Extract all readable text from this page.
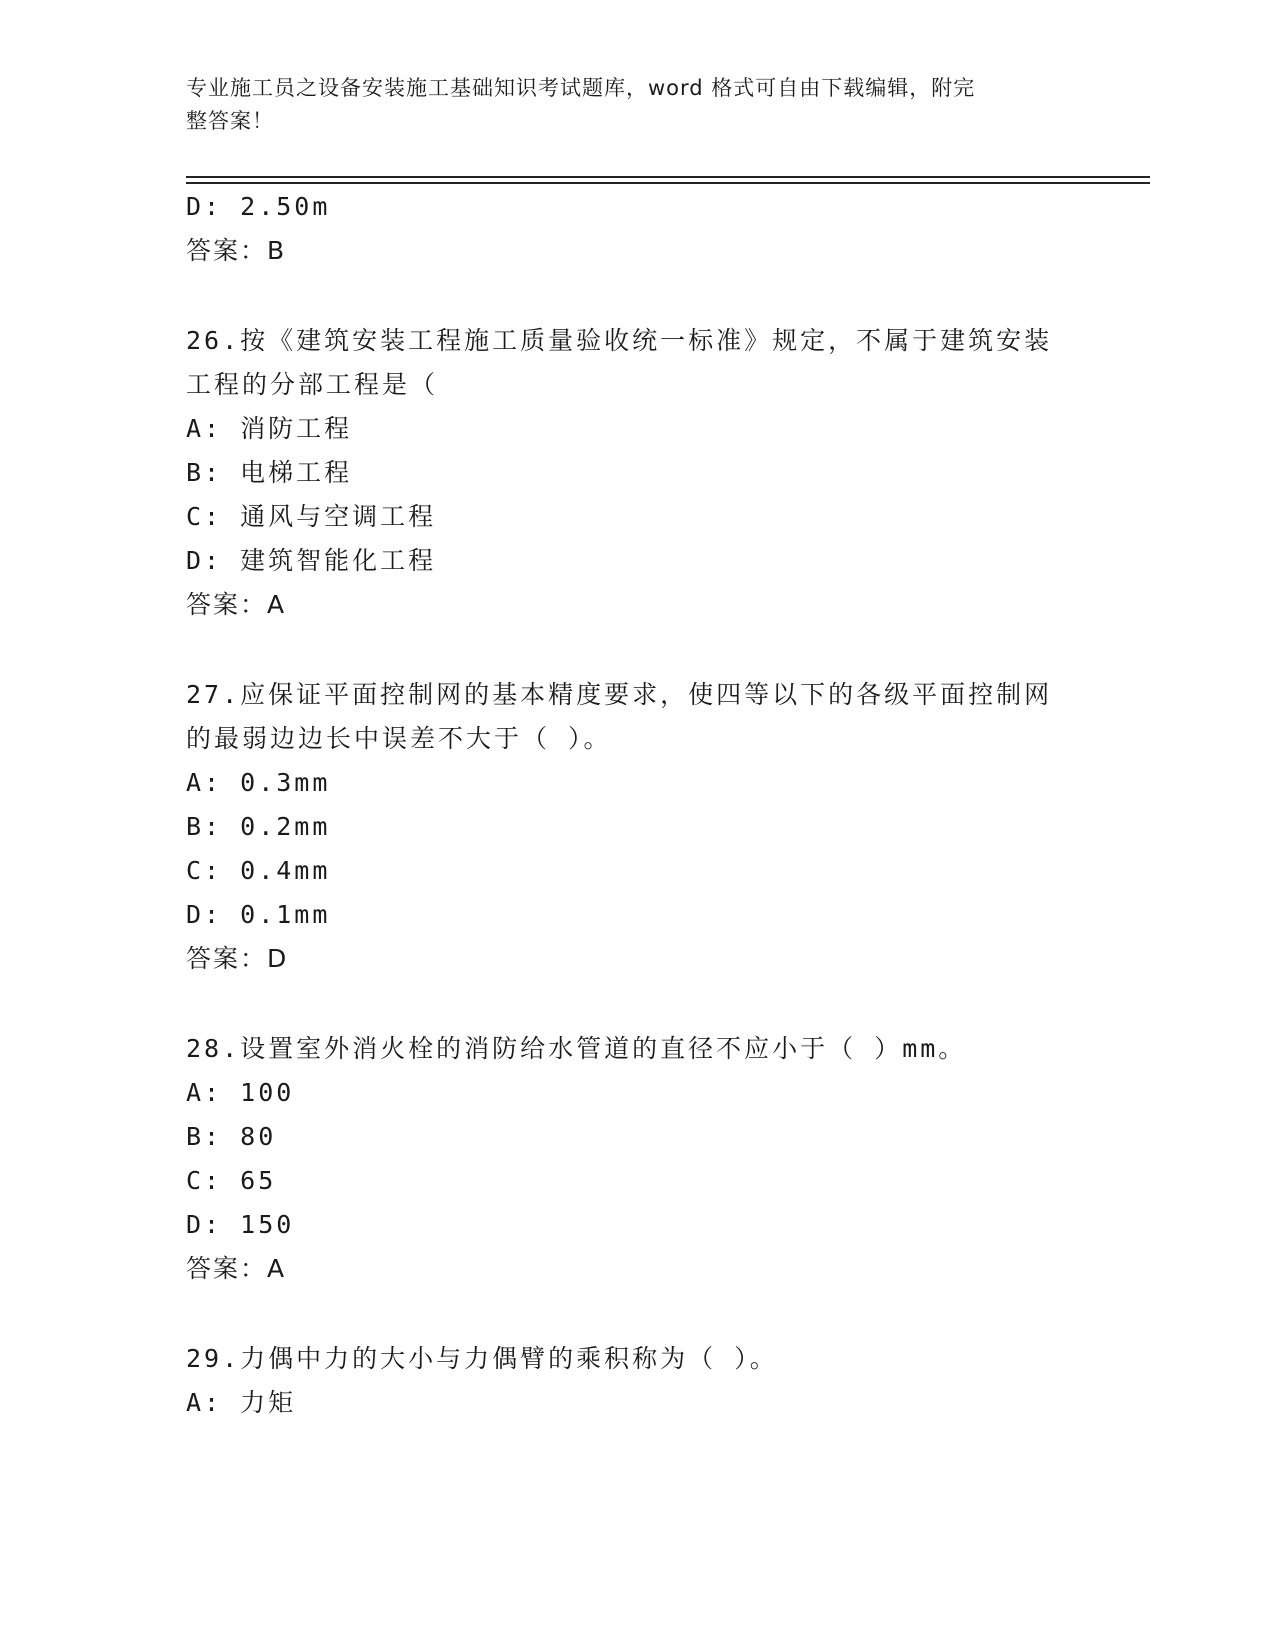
专业施工员之设备安装施工基础知识考试题库，word 格式可自由下载编辑，附完
整答案！
D: 2.50m
答案：B
26.按《建筑安装工程施工质量验收统一标准》规定，不属于建筑安装
工程的分部工程是（
A: 消防工程
B: 电梯工程
C: 通风与空调工程
D: 建筑智能化工程
答案：A
27.应保证平面控制网的基本精度要求，使四等以下的各级平面控制网
的最弱边边长中误差不大于（ ）。
A: 0.3mm
B: 0.2mm
C: 0.4mm
D: 0.1mm
答案：D
28.设置室外消火栓的消防给水管道的直径不应小于（ ）mm。
A: 100
B: 80
C: 65
D: 150
答案：A
29.力偶中力的大小与力偶臂的乘积称为（ ）。
A: 力矩
